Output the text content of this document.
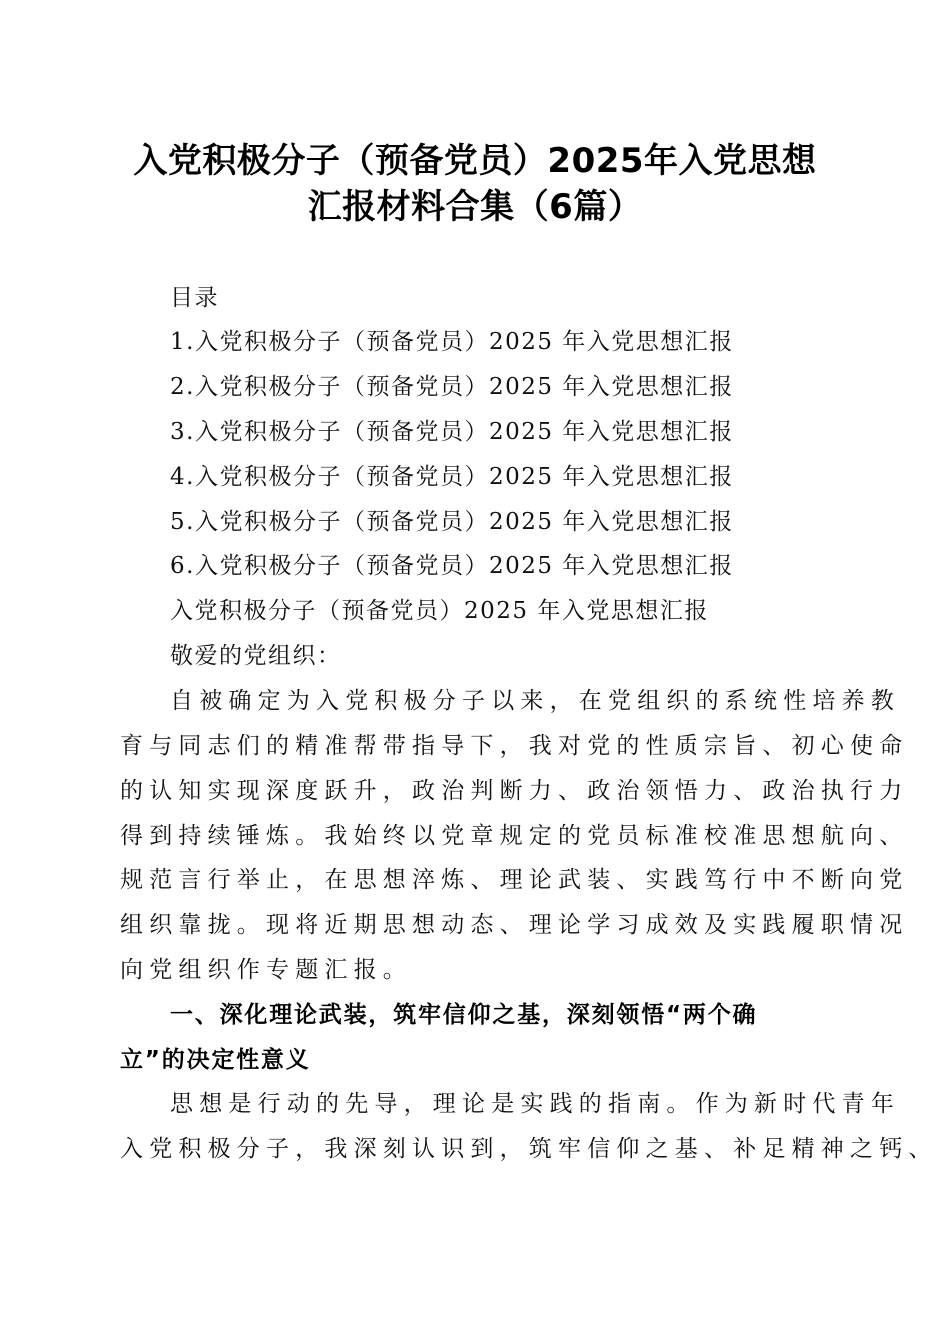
入党积极分子（预备党员）2025年入党思想
汇报材料合集（6篇）
目录
1.入党积极分子（预备党员）2025 年入党思想汇报
2.入党积极分子（预备党员）2025 年入党思想汇报
3.入党积极分子（预备党员）2025 年入党思想汇报
4.入党积极分子（预备党员）2025 年入党思想汇报
5.入党积极分子（预备党员）2025 年入党思想汇报
6.入党积极分子（预备党员）2025 年入党思想汇报
入党积极分子（预备党员）2025 年入党思想汇报
敬爱的党组织：
自被确定为入党积极分子以来，在党组织的系统性培养教
育与同志们的精准帮带指导下，我对党的性质宗旨、初心使命
的认知实现深度跃升，政治判断力、政治领悟力、政治执行力
得到持续锤炼。我始终以党章规定的党员标准校准思想航向、
规范言行举止，在思想淬炼、理论武装、实践笃行中不断向党
组织靠拢。现将近期思想动态、理论学习成效及实践履职情况
向党组织作专题汇报。
一、深化理论武装，筑牢信仰之基，深刻领悟“两个确
立”的决定性意义
思想是行动的先导，理论是实践的指南。作为新时代青年
入党积极分子，我深刻认识到，筑牢信仰之基、补足精神之钙、
